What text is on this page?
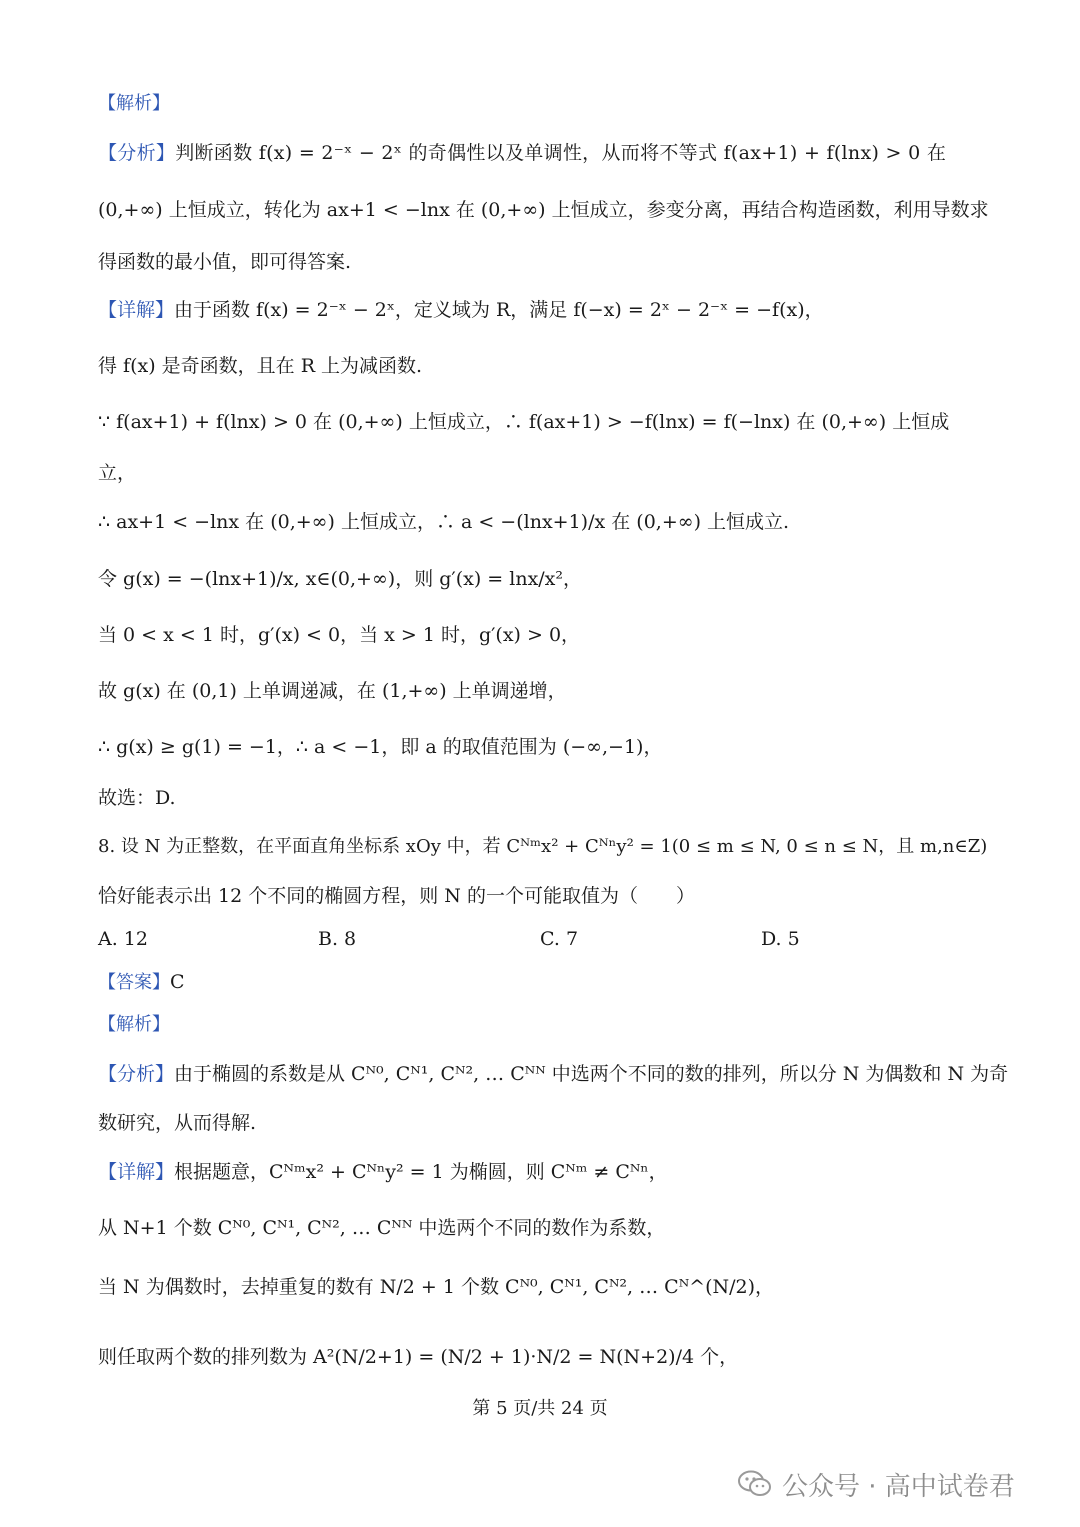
【解析】
【分析】判断函数 f(x) = 2⁻ˣ − 2ˣ 的奇偶性以及单调性，从而将不等式 f(ax+1) + f(lnx) > 0 在
(0,+∞) 上恒成立，转化为 ax+1 < −lnx 在 (0,+∞) 上恒成立，参变分离，再结合构造函数，利用导数求
得函数的最小值，即可得答案.
【详解】由于函数 f(x) = 2⁻ˣ − 2ˣ，定义域为 R，满足 f(−x) = 2ˣ − 2⁻ˣ = −f(x)，
得 f(x) 是奇函数，且在 R 上为减函数.
∵ f(ax+1) + f(lnx) > 0 在 (0,+∞) 上恒成立，∴ f(ax+1) > −f(lnx) = f(−lnx) 在 (0,+∞) 上恒成
立，
∴ ax+1 < −lnx 在 (0,+∞) 上恒成立，∴ a < −(lnx+1)/x 在 (0,+∞) 上恒成立.
令 g(x) = −(lnx+1)/x, x∈(0,+∞)，则 g′(x) = lnx/x²，
当 0 < x < 1 时，g′(x) < 0，当 x > 1 时，g′(x) > 0，
故 g(x) 在 (0,1) 上单调递减，在 (1,+∞) 上单调递增，
∴ g(x) ≥ g(1) = −1，∴ a < −1，即 a 的取值范围为 (−∞,−1)，
故选：D.
8. 设 N 为正整数，在平面直角坐标系 xOy 中，若 Cᴺᵐx² + Cᴺⁿy² = 1(0 ≤ m ≤ N, 0 ≤ n ≤ N，且 m,n∈Z)
恰好能表示出 12 个不同的椭圆方程，则 N 的一个可能取值为（　　）
A. 12	B. 8	C. 7	D. 5
【答案】C
【解析】
【分析】由于椭圆的系数是从 Cᴺ⁰, Cᴺ¹, Cᴺ², … Cᴺᴺ 中选两个不同的数的排列，所以分 N 为偶数和 N 为奇
数研究，从而得解.
【详解】根据题意，Cᴺᵐx² + Cᴺⁿy² = 1 为椭圆，则 Cᴺᵐ ≠ Cᴺⁿ，
从 N+1 个数 Cᴺ⁰, Cᴺ¹, Cᴺ², … Cᴺᴺ 中选两个不同的数作为系数，
当 N 为偶数时，去掉重复的数有 N/2 + 1 个数 Cᴺ⁰, Cᴺ¹, Cᴺ², … Cᴺ^(N/2)，
则任取两个数的排列数为 A²(N/2+1) = (N/2 + 1)·N/2 = N(N+2)/4 个，
第 5 页/共 24 页
公众号 · 高中试卷君
